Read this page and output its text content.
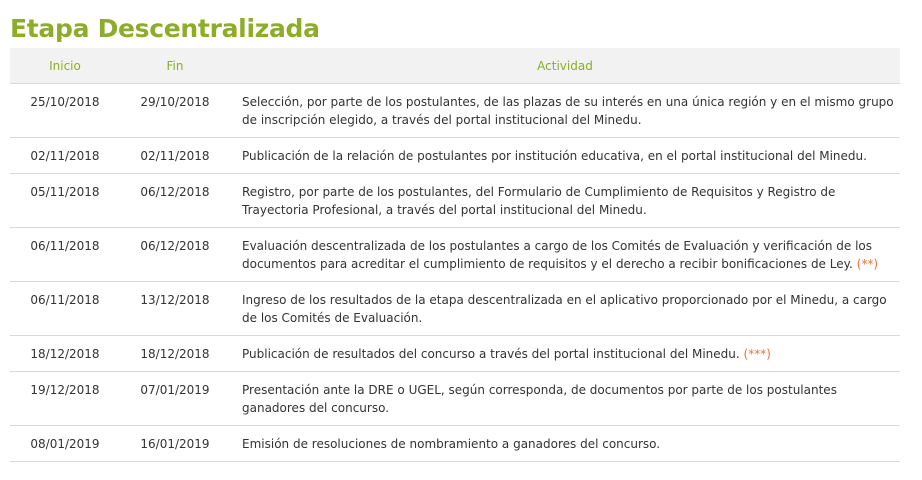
Etapa Descentralizada
Inicio	Fin	Actividad
25/10/2018	29/10/2018	Selección, por parte de los postulantes, de las plazas de su interés en una única región y en el mismo grupo de inscripción elegido, a través del portal institucional del Minedu.
02/11/2018	02/11/2018	Publicación de la relación de postulantes por institución educativa, en el portal institucional del Minedu.
05/11/2018	06/12/2018	Registro, por parte de los postulantes, del Formulario de Cumplimiento de Requisitos y Registro de Trayectoria Profesional, a través del portal institucional del Minedu.
06/11/2018	06/12/2018	Evaluación descentralizada de los postulantes a cargo de los Comités de Evaluación y verificación de los documentos para acreditar el cumplimiento de requisitos y el derecho a recibir bonificaciones de Ley. (**)
06/11/2018	13/12/2018	Ingreso de los resultados de la etapa descentralizada en el aplicativo proporcionado por el Minedu, a cargo de los Comités de Evaluación.
18/12/2018	18/12/2018	Publicación de resultados del concurso a través del portal institucional del Minedu. (***)
19/12/2018	07/01/2019	Presentación ante la DRE o UGEL, según corresponda, de documentos por parte de los postulantes ganadores del concurso.
08/01/2019	16/01/2019	Emisión de resoluciones de nombramiento a ganadores del concurso.
